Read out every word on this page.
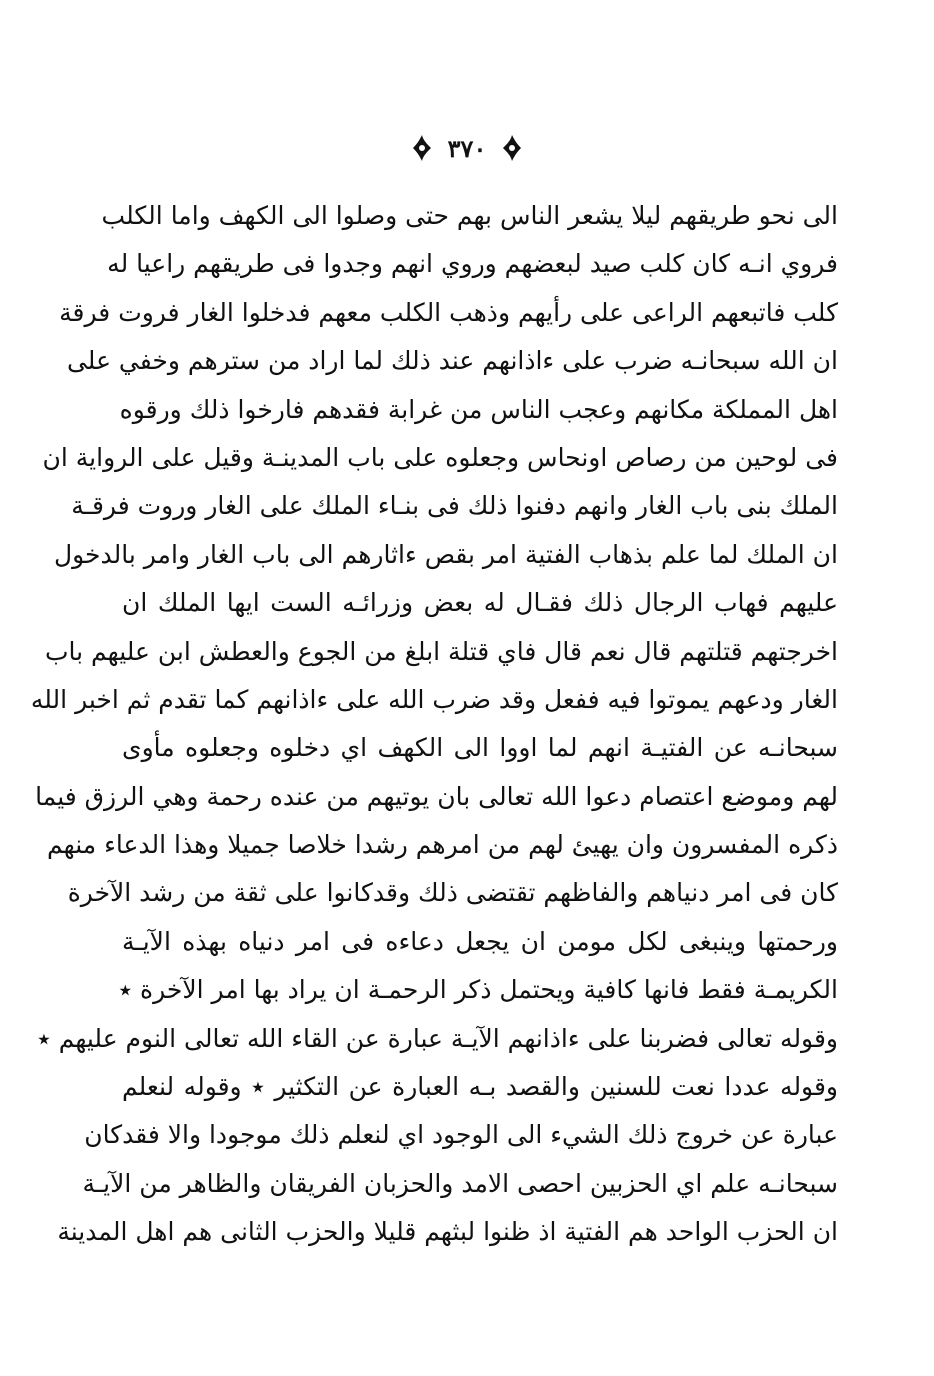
٣٧٠
الى نحو طريقهم ليلا يشعر الناس بهم حتى وصلوا الى الكهف واما الكلب
فروي انـه كان كلب صيد لبعضهم وروي انهم وجدوا فى طريقهم راعيا له
كلب فاتبعهم الراعى على رأيهم وذهب الكلب معهم فدخلوا الغار فروت فرقة
ان الله سبحانـه ضرب على ءاذانهم عند ذلك لما اراد من سترهم وخفي على
اهل المملكة مكانهم وعجب الناس من غرابة فقدهم فارخوا ذلك ورقوه
فى لوحين من رصاص اونحاس وجعلوه على باب المدينـة وقيل على الرواية ان
الملك بنى باب الغار وانهم دفنوا ذلك فى بنـاء الملك على الغار وروت فرقـة
ان الملك لما علم بذهاب الفتية امر بقص ءاثارهم الى باب الغار وامر بالدخول
عليهم فهاب الرجال ذلك فقـال له بعض وزرائـه الست ايها الملك ان
اخرجتهم قتلتهم قال نعم قال فاي قتلة ابلغ من الجوع والعطش ابن عليهم باب
الغار ودعهم يموتوا فيه ففعل وقد ضرب الله على ءاذانهم كما تقدم ثم اخبر الله
سبحانـه عن الفتيـة انهم لما اووا الى الكهف اي دخلوه وجعلوه مأوى
لهم وموضع اعتصام دعوا الله تعالى بان يوتيهم من عنده رحمة وهي الرزق فيما
ذكره المفسرون وان يهيئ لهم من امرهم رشدا خلاصا جميلا وهذا الدعاء منهم
كان فى امر دنياهم والفاظهم تقتضى ذلك وقدكانوا على ثقة من رشد الآخرة
ورحمتها وينبغى لكل مومن ان يجعل دعاءه فى امر دنياه بهذه الآيـة
الكريمـة فقط فانها كافية ويحتمل ذكر الرحمـة ان يراد بها امر الآخرة ٭
وقوله تعالى فضربنا على ءاذانهم الآيـة عبارة عن القاء الله تعالى النوم عليهم ٭
وقوله عددا نعت للسنين والقصد بـه العبارة عن التكثير ٭ وقوله لنعلم
عبارة عن خروج ذلك الشيء الى الوجود اي لنعلم ذلك موجودا والا فقدكان
سبحانـه علم اي الحزبين احصى الامد والحزبان الفريقان والظاهر من الآيـة
ان الحزب الواحد هم الفتية اذ ظنوا لبثهم قليلا والحزب الثانى هم اهل المدينة
